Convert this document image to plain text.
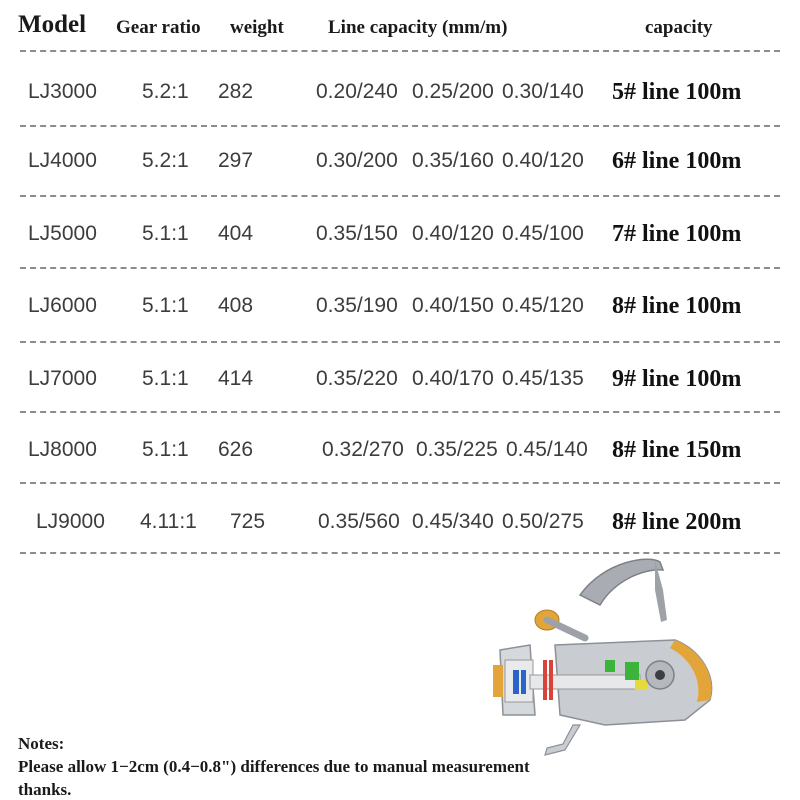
Model Gear ratio weight Line capacity (mm/m)	capacity
LJ3000 5.2:1 282	0.20/240 0.25/200 0.30/140 5# line 100m
LJ4000 5.2:1 297	0.30/200 0.35/160 0.40/120 6# line 100m
LJ5000 5.1:1 404	0.35/150 0.40/120 0.45/100 7# line 100m
LJ6000 5.1:1 408	0.35/190 0.40/150 0.45/120 8# line 100m
LJ7000 5.1:1 414	0.35/220 0.40/170 0.45/135 9# line 100m
LJ8000 5.1:1 626	0.32/270 0.35/225 0.45/140 8# line 150m
LJ9000 4.11:1 725	0.35/560 0.45/340 0.50/275 8# line 200m
Notes:
Please allow 1−2cm (0.4−0.8") differences due to manual measurement
thanks.
